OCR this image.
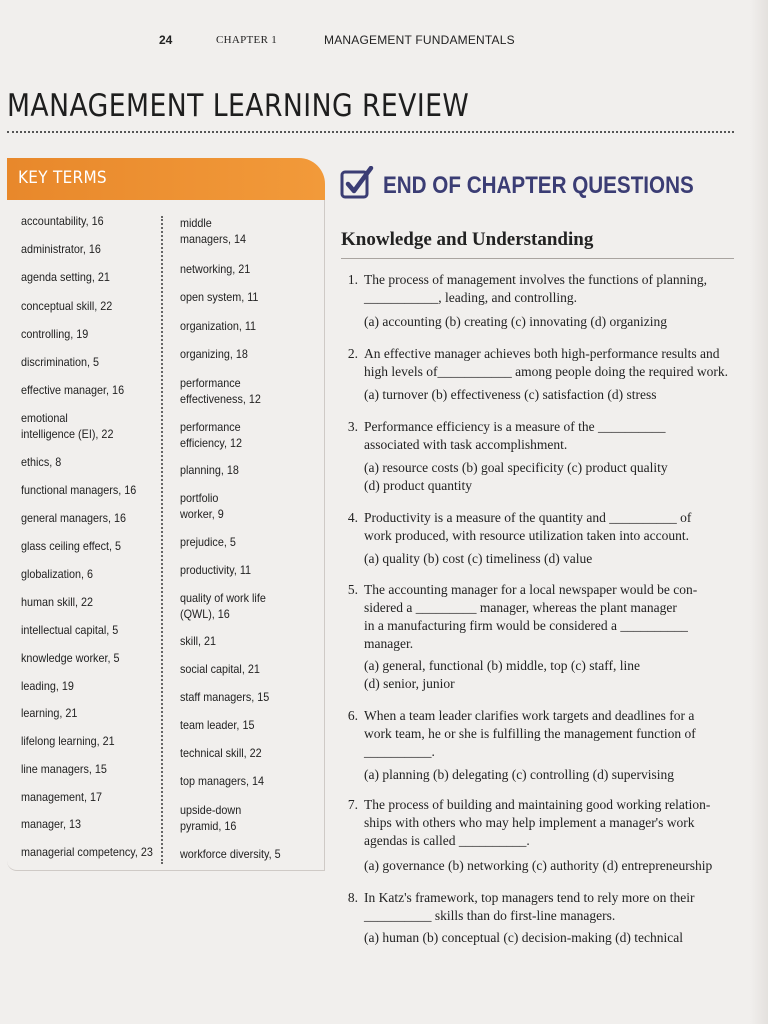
24	CHAPTER 1	MANAGEMENT FUNDAMENTALS
MANAGEMENT LEARNING REVIEW
KEY TERMS
accountability, 16
administrator, 16
agenda setting, 21
conceptual skill, 22
controlling, 19
discrimination, 5
effective manager, 16
emotional
intelligence (EI), 22
ethics, 8
functional managers, 16
general managers, 16
glass ceiling effect, 5
globalization, 6
human skill, 22
intellectual capital, 5
knowledge worker, 5
leading, 19
learning, 21
lifelong learning, 21
line managers, 15
management, 17
manager, 13
managerial competency, 23
middle
managers, 14
networking, 21
open system, 11
organization, 11
organizing, 18
performance
effectiveness, 12
performance
efficiency, 12
planning, 18
portfolio
worker, 9
prejudice, 5
productivity, 11
quality of work life
(QWL), 16
skill, 21
social capital, 21
staff managers, 15
team leader, 15
technical skill, 22
top managers, 14
upside-down
pyramid, 16
workforce diversity, 5
END OF CHAPTER QUESTIONS
Knowledge and Understanding
1. The process of management involves the functions of planning,
___________, leading, and controlling.
(a) accounting (b) creating (c) innovating (d) organizing
2. An effective manager achieves both high-performance results and
high levels of___________ among people doing the required work.
(a) turnover (b) effectiveness (c) satisfaction (d) stress
3. Performance efficiency is a measure of the __________
associated with task accomplishment.
(a) resource costs (b) goal specificity (c) product quality
(d) product quantity
4. Productivity is a measure of the quantity and __________ of
work produced, with resource utilization taken into account.
(a) quality (b) cost (c) timeliness (d) value
5. The accounting manager for a local newspaper would be con-
sidered a _________ manager, whereas the plant manager
in a manufacturing firm would be considered a __________
manager.
(a) general, functional (b) middle, top (c) staff, line
(d) senior, junior
6. When a team leader clarifies work targets and deadlines for a
work team, he or she is fulfilling the management function of
__________.
(a) planning (b) delegating (c) controlling (d) supervising
7. The process of building and maintaining good working relation-
ships with others who may help implement a manager's work
agendas is called __________.
(a) governance (b) networking (c) authority (d) entrepreneurship
8. In Katz's framework, top managers tend to rely more on their
__________ skills than do first-line managers.
(a) human (b) conceptual (c) decision-making (d) technical
